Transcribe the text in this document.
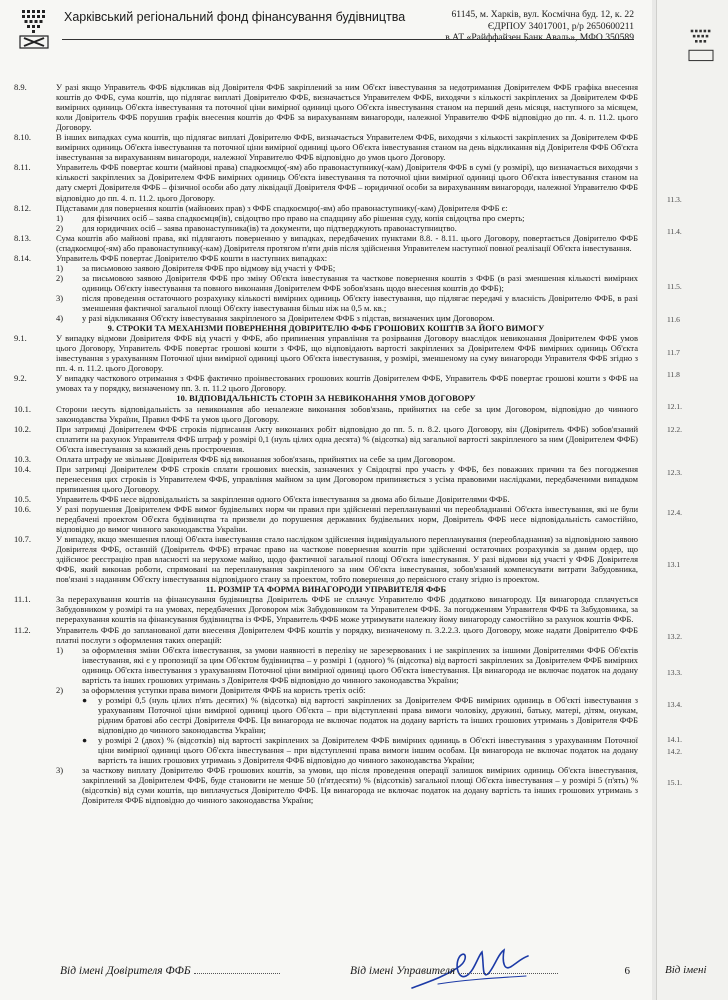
Харківський регіональний фонд фінансування будівництва	61145, м. Харків, вул. Космічна буд. 12, к. 22
ЄДРПОУ 34017001, р/р 2650600211
в АТ «Райффайзен Банк Аваль», МФО 350589
8.9.	У разі якщо Управитель ФФБ відкликав від Довірителя ФФБ закріплений за ним Об'єкт інвестування за недотримання Довірителем ФФБ графіка внесення коштів до ФФБ, сума коштів, що підлягає виплаті Довірителю ФФБ, визначається Управителем ФФБ, виходячи з кількості закріплених за Довірителем ФФБ вимірних одиниць Об'єкта інвестування та поточної ціни вимірної одиниці цього Об'єкта інвестування станом на перший день місяця, наступного за місяцем, коли Довіритель ФФБ порушив графік внесення коштів до ФФБ за вирахуванням винагороди, належної Управителю ФФБ відповідно до пп. 4. п. 11.2. цього Договору.
8.10.	В інших випадках сума коштів, що підлягає виплаті Довірителю ФФБ, визначається Управителем ФФБ, виходячи з кількості закріплених за Довірителем ФФБ вимірних одиниць Об'єкта інвестування та поточної ціни вимірної одиниці цього Об'єкта інвестування станом на день відкликання від Довірителя ФФБ Об'єкта інвестування за вирахуванням винагороди, належної Управителю ФФБ відповідно до умов цього Договору.
8.11.	Управитель ФФБ повертає кошти (майнові права) спадкоємцю(-ям) або правонаступнику(-кам) Довірителя ФФБ в сумі (у розмірі), що визначається виходячи з кількості закріплених за Довірителем ФФБ вимірних одиниць Об'єкта інвестування та поточної ціни вимірної одиниці цього Об'єкта інвестування станом на дату смерті Довірителя ФФБ – фізичної особи або дату ліквідації Довірителя ФФБ – юридичної особи за вирахуванням винагороди, належної Управителю ФФБ відповідно до пп. 4. п. 11.2. цього Договору.
8.12.	Підставами для повернення коштів (майнових прав) з ФФБ спадкоємцю(-ям) або правонаступнику(-кам) Довірителя ФФБ є:
1)	для фізичних осіб – заява спадкоємця(ів), свідоцтво про право на спадщину або рішення суду, копія свідоцтва про смерть;
2)	для юридичних осіб – заява правонаступника(ів) та документи, що підтверджують правонаступництво.
8.13.	Сума коштів або майнові права, які підлягають поверненню у випадках, передбачених пунктами 8.8. - 8.11. цього Договору, повертається Довірителю ФФБ (спадкоємцю(-ям) або правонаступнику(-кам) Довірителя протягом п'яти днів після здійснення Управителем наступної повної реалізації Об'єкта інвестування.
8.14.	Управитель ФФБ повертає Довірителю ФФБ кошти в наступних випадках:
1)	за письмовою заявою Довірителя ФФБ про відмову від участі у ФФБ;
2)	за письмовою заявою Довірителя ФФБ про зміну Об'єкта інвестування та часткове повернення коштів з ФФБ (в разі зменшення кількості вимірних одиниць Об'єкту інвестування та повного виконання Довірителем ФФБ зобов'язань щодо внесення коштів до ФФБ);
3)	після проведення остаточного розрахунку кількості вимірних одиниць Об'єкту інвестування, що підлягає передачі у власність Довірителю ФФБ, в разі зменшення фактичної загальної площі Об'єкту інвестування більш ніж на 0,5 м. кв.;
4)	у разі відкликання Об'єкту інвестування закріпленого за Довірителем ФФБ з підстав, визначених цим Договором.
9. СТРОКИ ТА МЕХАНІЗМИ ПОВЕРНЕННЯ ДОВІРИТЕЛЮ ФФБ ГРОШОВИХ КОШТІВ ЗА ЙОГО ВИМОГУ
9.1.	У випадку відмови Довірителя ФФБ від участі у ФФБ, або припинення управління та розірвання Договору внаслідок невиконання Довірителем ФФБ умов цього Договору, Управитель ФФБ повертає грошові кошти з ФФБ, що відповідають вартості закріплених за Довірителем ФФБ вимірних одиниць Об'єкта інвестування з урахуванням Поточної ціни вимірної одиниці цього Об'єкта інвестування, у розмірі, зменшеному на суму винагороди Управителя ФФБ згідно з пп. 4. п. 11.2. цього Договору.
9.2.	У випадку часткового отримання з ФФБ фактично проінвестованих грошових коштів Довірителем ФФБ, Управитель ФФБ повертає грошові кошти з ФФБ на умовах та у порядку, визначеному пп. 3. п. 11.2 цього Договору.
10. ВІДПОВІДАЛЬНІСТЬ СТОРІН ЗА НЕВИКОНАННЯ УМОВ ДОГОВОРУ
10.1.	Сторони несуть відповідальність за невиконання або неналежне виконання зобов'язань, прийнятих на себе за цим Договором, відповідно до чинного законодавства України, Правил ФФБ та умов цього Договору.
10.2.	При затримці Довірителем ФФБ строків підписання Акту виконаних робіт відповідно до пп. 5. п. 8.2. цього Договору, він (Довіритель ФФБ) зобов'язаний сплатити на рахунок Управителя ФФБ штраф у розмірі 0,1 (нуль цілих одна десята) % (відсотка) від загальної вартості закріпленого за ним (Довірителем ФФБ) Об'єкта інвестування за кожний день прострочення.
10.3.	Оплата штрафу не звільняє Довірителя ФФБ від виконання зобов'язань, прийнятих на себе за цим Договором.
10.4.	При затримці Довірителем ФФБ строків сплати грошових внесків, зазначених у Свідоцтві про участь у ФФБ, без поважних причин та без погодження перенесення цих строків із Управителем ФФБ, управління майном за цим Договором припиняється з усіма правовими наслідками, передбаченими випадком припинення цього Договору.
10.5.	Управитель ФФБ несе відповідальність за закріплення одного Об'єкта інвестування за двома або більше Довірителями ФФБ.
10.6.	У разі порушення Довірителем ФФБ вимог будівельних норм чи правил при здійсненні переплануванні чи переобладнанні Об'єкта інвестування, які не були передбачені проектом Об'єкта будівництва та призвели до порушення державних будівельних норм, Довіритель ФФБ несе відповідальність самостійно, відповідно до вимог чинного законодавства України.
10.7.	У випадку, якщо зменшення площі Об'єкта інвестування стало наслідком здійснення індивідуального перепланування (переобладнання) за відповідною заявою Довірителя ФФБ, останній (Довіритель ФФБ) втрачає право на часткове повернення коштів при здійсненні остаточних розрахунків за даним ордер, що здійснює реєстрацію прав власності на нерухоме майно, щодо фактичної загальної площі Об'єкта інвестування. У разі відмови від участі у ФФБ Довірителя ФФБ, який виконав роботи, спрямовані на перепланування закріпленого за ним Об'єкта інвестування, зобов'язаний компенсувати витрати Забудовника, пов'язані з наданням Об'єкту інвестування відповідного стану за проектом, тобто повернення до первісного стану згідно із проектом.
11. РОЗМІР ТА ФОРМА ВИНАГОРОДИ УПРАВИТЕЛЯ ФФБ
11.1.	За перерахування коштів на фінансування будівництва Довіритель ФФБ не сплачує Управителю ФФБ додатково винагороду. Ця винагорода сплачується Забудовником у розмірі та на умовах, передбачених Договором між Забудовником та Управителем ФФБ. За погодженням Управителя ФФБ та Забудовника, за перерахування коштів на фінансування будівництва із ФФБ, Управитель ФФБ може утримувати належну йому винагороду самостійно за рахунок коштів ФФБ.
11.2.	Управитель ФФБ до запланованої дати внесення Довірителем ФФБ коштів у порядку, визначеному п. 3.2.2.3. цього Договору, може надати Довірителю ФФБ платні послуги з оформлення таких операцій:
1)	за оформлення зміни Об'єкта інвестування, за умови наявності в переліку не зарезервованих і не закріплених за іншими Довірителями ФФБ Об'єктів інвестування, які є у пропозиції за цим Об'єктом будівництва – у розмірі 1 (одного) % (відсотка) від вартості закріплених за Довірителем ФФБ вимірних одиниць Об'єкта інвестування з урахуванням Поточної ціни вимірної одиниці цього Об'єкта інвестування. Ця винагорода не включає податок на додану вартість та інших грошових утримань з Довірителя ФФБ відповідно до чинного законодавства України;
2)	за оформлення уступки права вимоги Довірителя ФФБ на користь третіх осіб:
●	у розмірі 0,5 (нуль цілих п'ять десятих) % (відсотка) від вартості закріплених за Довірителем ФФБ вимірних одиниць в Об'єкті інвестування з урахуванням Поточної ціни вимірної одиниці цього Об'єкта – при відступленні права вимоги чоловіку, дружині, батьку, матері, дітям, онукам, рідним братові або сестрі Довірителя ФФБ. Ця винагорода не включає податок на додану вартість та інших грошових утримань з Довірителя ФФБ відповідно до чинного законодавства України;
●	у розмірі 2 (двох) % (відсотків) від вартості закріплених за Довірителем ФФБ вимірних одиниць в Об'єкті інвестування з урахуванням Поточної ціни вимірної одиниці цього Об'єкта інвестування – при відступленні права вимоги іншим особам. Ця винагорода не включає податок на додану вартість та інших грошових утримань з Довірителя ФФБ відповідно до чинного законодавства України;
3)	за часткову виплату Довірителю ФФБ грошових коштів, за умови, що після проведення операції залишок вимірних одиниць Об'єкта інвестування, закріплений за Довірителем ФФБ, буде становити не менше 50 (п'ятдесяти) % (відсотків) загальної площі Об'єкта інвестування – у розмірі 5 (п'ять) % (відсотків) від суми коштів, що виплачується Довірителю ФФБ. Ця винагорода не включає податок на додану вартість та інших грошових утримань з Довірителя ФФБ відповідно до чинного законодавства України;
Від імені Довірителя ФФБ	Від імені Управителя	6
11.3.
11.4.
11.5.
11.6
11.7
11.8
12.1.
12.2.
12.3.
12.4.
13.1
13.2.
13.3.
13.4.
14.1.
14.2.
15.1.
Від імені
